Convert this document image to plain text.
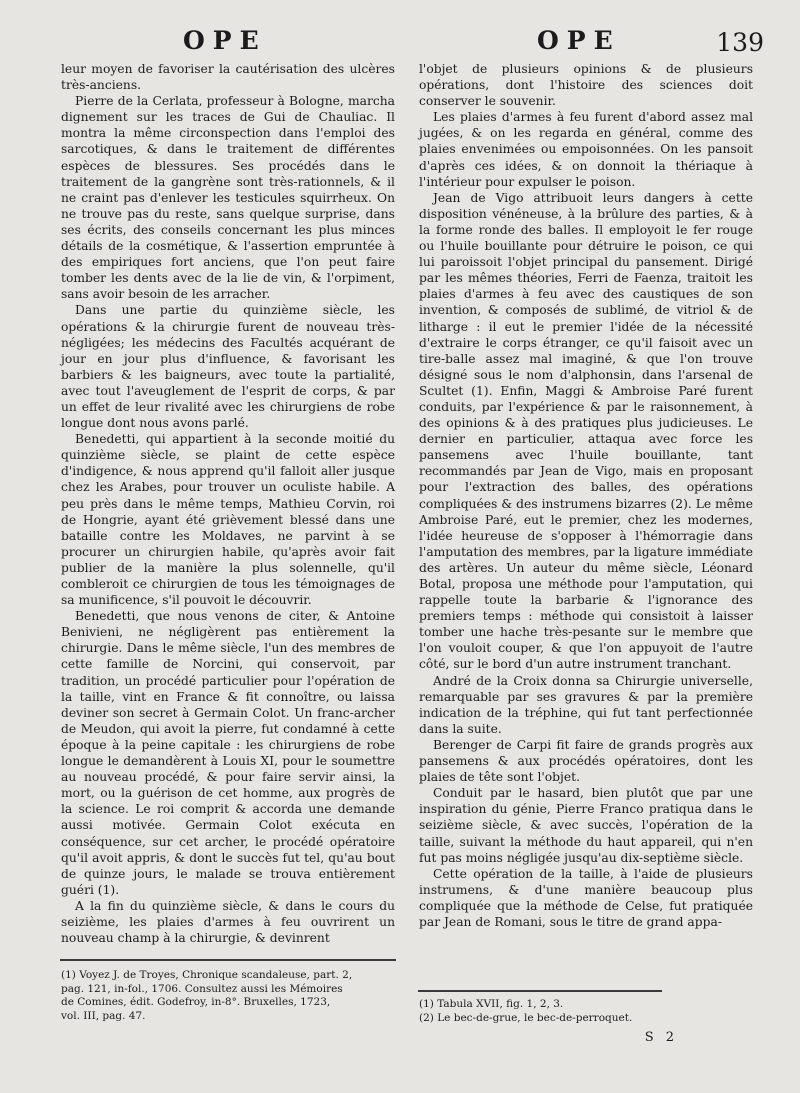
OPE	OPE	139

leur moyen de favoriser la cautérisation des ulcères très-anciens.

Pierre de la Cerlata, professeur à Bologne, marcha dignement sur les traces de Gui de Chauliac. Il montra la même circonspection dans l'emploi des sarcotiques, & dans le traitement de différentes espèces de blessures. Ses procédés dans le traitement de la gangrène sont très-rationnels, & il ne craint pas d'enlever les testicules squirrheux. On ne trouve pas du reste, sans quelque surprise, dans ses écrits, des conseils concernant les plus minces détails de la cosmétique, & l'assertion empruntée à des empiriques fort anciens, que l'on peut faire tomber les dents avec de la lie de vin, & l'orpiment, sans avoir besoin de les arracher.

Dans une partie du quinzième siècle, les opérations & la chirurgie furent de nouveau très-négligées; les médecins des Facultés acquérant de jour en jour plus d'influence, & favorisant les barbiers & les baigneurs, avec toute la partialité, avec tout l'aveuglement de l'esprit de corps, & par un effet de leur rivalité avec les chirurgiens de robe longue dont nous avons parlé.

Benedetti, qui appartient à la seconde moitié du quinzième siècle, se plaint de cette espèce d'indigence, & nous apprend qu'il falloit aller jusque chez les Arabes, pour trouver un oculiste habile. A peu près dans le même temps, Mathieu Corvin, roi de Hongrie, ayant été grièvement blessé dans une bataille contre les Moldaves, ne parvint à se procurer un chirurgien habile, qu'après avoir fait publier de la manière la plus solennelle, qu'il combleroit ce chirurgien de tous les témoignages de sa munificence, s'il pouvoit le découvrir.

Benedetti, que nous venons de citer, & Antoine Benivieni, ne négligèrent pas entièrement la chirurgie. Dans le même siècle, l'un des membres de cette famille de Norcini, qui conservoit, par tradition, un procédé particulier pour l'opération de la taille, vint en France & fit connoître, ou laissa deviner son secret à Germain Colot. Un franc-archer de Meudon, qui avoit la pierre, fut condamné à cette époque à la peine capitale : les chirurgiens de robe longue le demandèrent à Louis XI, pour le soumettre au nouveau procédé, & pour faire servir ainsi, la mort, ou la guérison de cet homme, aux progrès de la science. Le roi comprit & accorda une demande aussi motivée. Germain Colot exécuta en conséquence, sur cet archer, le procédé opératoire qu'il avoit appris, & dont le succès fut tel, qu'au bout de quinze jours, le malade se trouva entièrement guéri (1).

A la fin du quinzième siècle, & dans le cours du seizième, les plaies d'armes à feu ouvrirent un nouveau champ à la chirurgie, & devinrent

(1) Voyez J. de Troyes, Chronique scandaleuse, part. 2,
pag. 121, in-fol., 1706. Consultez aussi les Mémoires
de Comines, édit. Godefroy, in-8°. Bruxelles, 1723,
vol. III, pag. 47.

l'objet de plusieurs opinions & de plusieurs opérations, dont l'histoire des sciences doit conserver le souvenir.

Les plaies d'armes à feu furent d'abord assez mal jugées, & on les regarda en général, comme des plaies envenimées ou empoisonnées. On les pansoit d'après ces idées, & on donnoit la thériaque à l'intérieur pour expulser le poison.

Jean de Vigo attribuoit leurs dangers à cette disposition vénéneuse, à la brûlure des parties, & à la forme ronde des balles. Il employoit le fer rouge ou l'huile bouillante pour détruire le poison, ce qui lui paroissoit l'objet principal du pansement. Dirigé par les mêmes théories, Ferri de Faenza, traitoit les plaies d'armes à feu avec des caustiques de son invention, & composés de sublimé, de vitriol & de litharge : il eut le premier l'idée de la nécessité d'extraire le corps étranger, ce qu'il faisoit avec un tire-balle assez mal imaginé, & que l'on trouve désigné sous le nom d'alphonsin, dans l'arsenal de Scultet (1). Enfin, Maggi & Ambroise Paré furent conduits, par l'expérience & par le raisonnement, à des opinions & à des pratiques plus judicieuses. Le dernier en particulier, attaqua avec force les pansemens avec l'huile bouillante, tant recommandés par Jean de Vigo, mais en proposant pour l'extraction des balles, des opérations compliquées & des instrumens bizarres (2). Le même Ambroise Paré, eut le premier, chez les modernes, l'idée heureuse de s'opposer à l'hémorragie dans l'amputation des membres, par la ligature immédiate des artères. Un auteur du même siècle, Léonard Botal, proposa une méthode pour l'amputation, qui rappelle toute la barbarie & l'ignorance des premiers temps : méthode qui consistoit à laisser tomber une hache très-pesante sur le membre que l'on vouloit couper, & que l'on appuyoit de l'autre côté, sur le bord d'un autre instrument tranchant.

André de la Croix donna sa Chirurgie universelle, remarquable par ses gravures & par la première indication de la tréphine, qui fut tant perfectionnée dans la suite.

Berenger de Carpi fit faire de grands progrès aux pansemens & aux procédés opératoires, dont les plaies de tête sont l'objet.

Conduit par le hasard, bien plutôt que par une inspiration du génie, Pierre Franco pratiqua dans le seizième siècle, & avec succès, l'opération de la taille, suivant la méthode du haut appareil, qui n'en fut pas moins négligée jusqu'au dix-septième siècle.

Cette opération de la taille, à l'aide de plusieurs instrumens, & d'une manière beaucoup plus compliquée que la méthode de Celse, fut pratiquée par Jean de Romani, sous le titre de grand appa-

(1) Tabula XVII, fig. 1, 2, 3.
(2) Le bec-de-grue, le bec-de-perroquet.
S 2
